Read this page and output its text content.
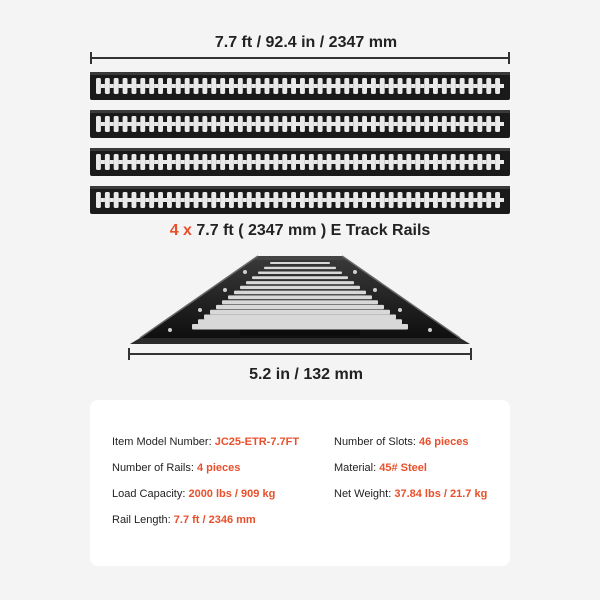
7.7 ft / 92.4 in / 2347 mm
4 x 7.7 ft ( 2347 mm ) E Track Rails
5.2 in / 132 mm
Item Model Number: JC25-ETR-7.7FT
Number of Rails: 4 pieces
Load Capacity: 2000 lbs / 909 kg
Rail Length: 7.7 ft / 2346 mm
Number of Slots: 46 pieces
Material: 45# Steel
Net Weight: 37.84 lbs / 21.7 kg
